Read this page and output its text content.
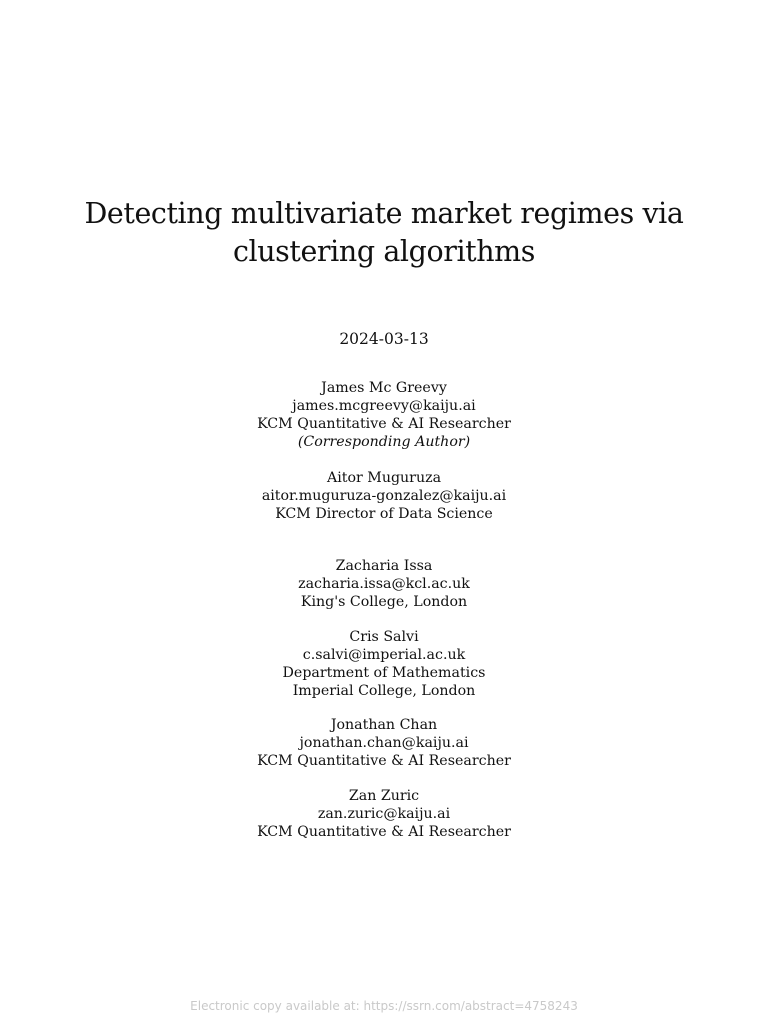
Detecting multivariate market regimes via
clustering algorithms
2024-03-13
James Mc Greevy
james.mcgreevy@kaiju.ai
KCM Quantitative & AI Researcher
(Corresponding Author)
Aitor Muguruza
aitor.muguruza-gonzalez@kaiju.ai
KCM Director of Data Science
Zacharia Issa
zacharia.issa@kcl.ac.uk
King's College, London
Cris Salvi
c.salvi@imperial.ac.uk
Department of Mathematics
Imperial College, London
Jonathan Chan
jonathan.chan@kaiju.ai
KCM Quantitative & AI Researcher
Zan Zuric
zan.zuric@kaiju.ai
KCM Quantitative & AI Researcher
Electronic copy available at: https://ssrn.com/abstract=4758243
